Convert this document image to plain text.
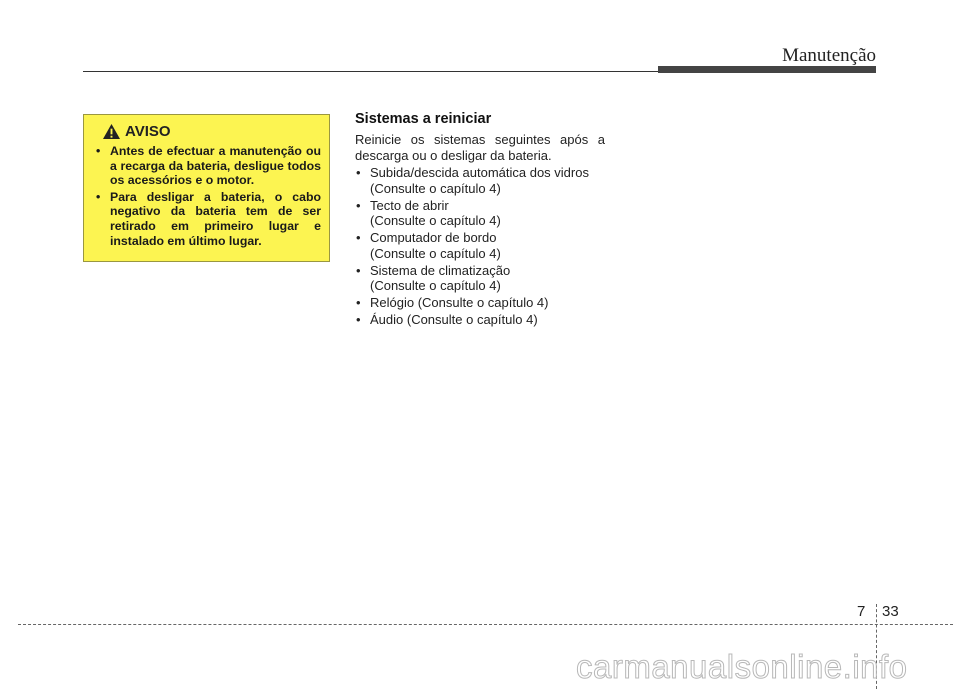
Manutenção
AVISO
• Antes de efectuar a manutenção ou a recarga da bateria, desligue todos os acessórios e o motor.
• Para desligar a bateria, o cabo negativo da bateria tem de ser retirado em primeiro lugar e instalado em último lugar.
Sistemas a reiniciar

Reinicie os sistemas seguintes após a descarga ou o desligar da bateria.

• Subida/descida automática dos vidros
(Consulte o capítulo 4)
• Tecto de abrir
(Consulte o capítulo 4)
• Computador de bordo
(Consulte o capítulo 4)
• Sistema de climatização
(Consulte o capítulo 4)
• Relógio (Consulte o capítulo 4)
• Áudio (Consulte o capítulo 4)
7 33
carmanualsonline.info
